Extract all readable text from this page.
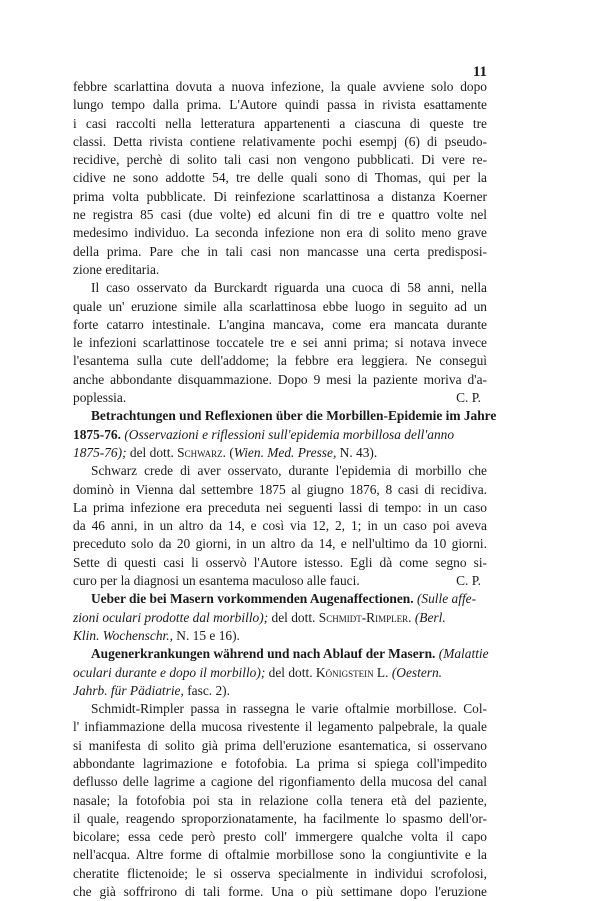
11
febbre scarlattina dovuta a nuova infezione, la quale avviene solo dopo
lungo tempo dalla prima. L'Autore quindi passa in rivista esattamente
i casi raccolti nella letteratura appartenenti a ciascuna di queste tre
classi. Detta rivista contiene relativamente pochi esempj (6) di pseudo-
recidive, perchè di solito tali casi non vengono pubblicati. Di vere re-
cidive ne sono addotte 54, tre delle quali sono di Thomas, qui per la
prima volta pubblicate. Di reinfezione scarlattinosa a distanza Koerner
ne registra 85 casi (due volte) ed alcuni fin di tre e quattro volte nel
medesimo individuo. La seconda infezione non era di solito meno grave
della prima. Pare che in tali casi non mancasse una certa predisposi-
zione ereditaria.
Il caso osservato da Burckardt riguarda una cuoca di 58 anni, nella
quale un' eruzione simile alla scarlattinosa ebbe luogo in seguito ad un
forte catarro intestinale. L'angina mancava, come era mancata durante
le infezioni scarlattinose toccatele tre e sei anni prima; si notava invece
l'esantema sulla cute dell'addome; la febbre era leggiera. Ne conseguì
anche abbondante disquammazione. Dopo 9 mesi la paziente moriva d'a-
poplessia.	C. P.
Betrachtungen und Reflexionen über die Morbillen-Epidemie im Jahre
1875-76. (Osservazioni e riflessioni sull'epidemia morbillosa dell'anno
1875-76); del dott. Schwarz. (Wien. Med. Presse, N. 43).
Schwarz crede di aver osservato, durante l'epidemia di morbillo che
dominò in Vienna dal settembre 1875 al giugno 1876, 8 casi di recidiva.
La prima infezione era preceduta nei seguenti lassi di tempo: in un caso
da 46 anni, in un altro da 14, e così via 12, 2, 1; in un caso poi aveva
preceduto solo da 20 giorni, in un altro da 14, e nell'ultimo da 10 giorni.
Sette di questi casi li osservò l'Autore istesso. Egli dà come segno si-
curo per la diagnosi un esantema maculoso alle fauci.	C. P.
Ueber die bei Masern vorkommenden Augenaffectionen. (Sulle affe-
zioni oculari prodotte dal morbillo); del dott. Schmidt-Rimpler. (Berl.
Klin. Wochenschr., N. 15 e 16).
Augenerkrankungen während und nach Ablauf der Masern. (Malattie
oculari durante e dopo il morbillo); del dott. Königstein L. (Oestern.
Jahrb. für Pädiatrie, fasc. 2).
Schmidt-Rimpler passa in rassegna le varie oftalmie morbillose. Col-
l' infiammazione della mucosa rivestente il legamento palpebrale, la quale
si manifesta di solito già prima dell'eruzione esantematica, si osservano
abbondante lagrimazione e fotofobia. La prima si spiega coll'impedito
deflusso delle lagrime a cagione del rigonfiamento della mucosa del canal
nasale; la fotofobia poi sta in relazione colla tenera età del paziente,
il quale, reagendo sproporzionatamente, ha facilmente lo spasmo dell'or-
bicolare; essa cede però presto coll' immergere qualche volta il capo
nell'acqua. Altre forme di oftalmie morbillose sono la congiuntivite e la
cheratite flictenoide; le si osserva specialmente in individui scrofolosi,
che già soffrirono di tali forme. Una o più settimane dopo l'eruzione
